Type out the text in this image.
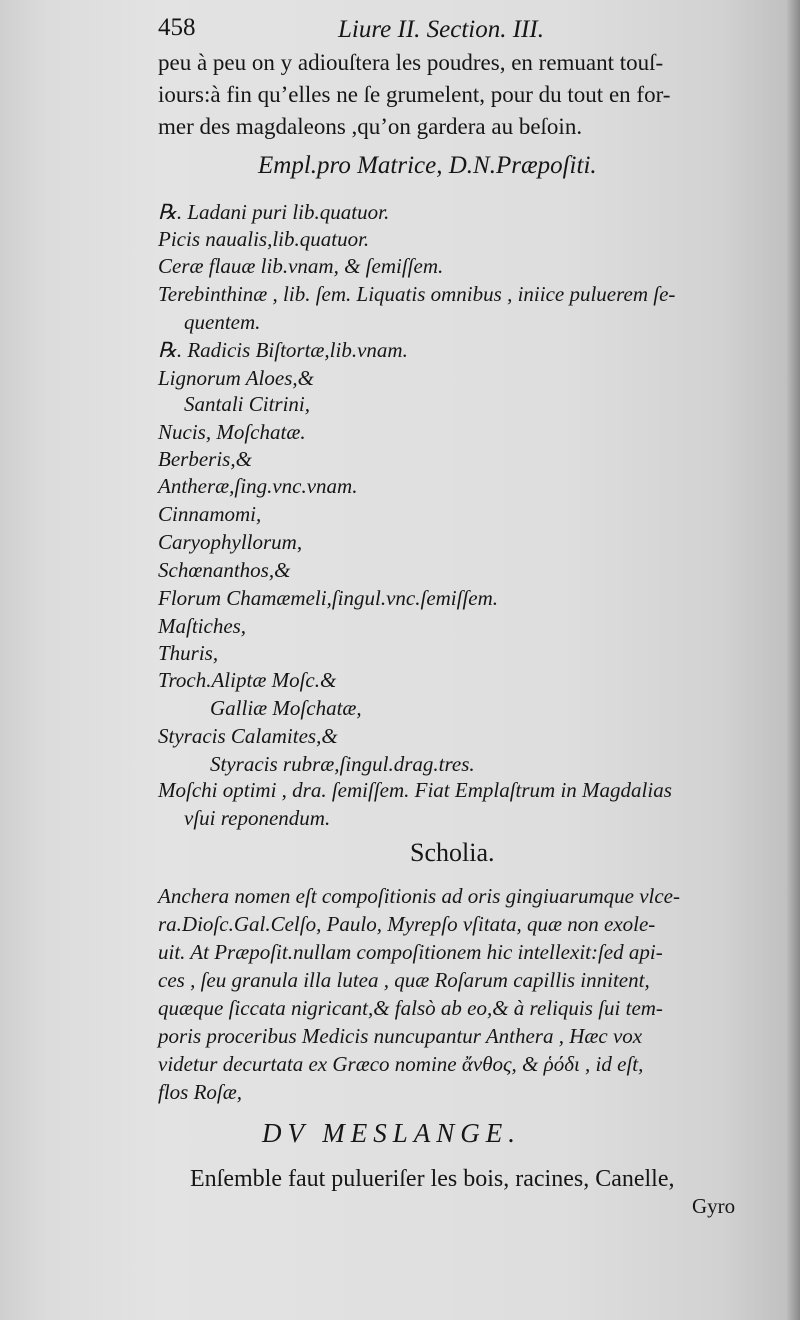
458	Liure II. Section. III.
peu à peu on y adiouſtera les poudres, en remuant touſ-
iours:à fin qu’elles ne ſe grumelent, pour du tout en for-
mer des magdaleons ,qu’on gardera au beſoin.
Empl.pro Matrice, D.N.Præpoſiti.
℞. Ladani puri lib.quatuor.
Picis naualis,lib.quatuor.
Ceræ flauæ lib.vnam, & ſemiſſem.
Terebinthinæ , lib. ſem. Liquatis omnibus , iniice puluerem ſe-
quentem.
℞. Radicis Biſtortæ,lib.vnam.
Lignorum Aloes,&
Santali Citrini,
Nucis, Moſchatæ.
Berberis,&
Antheræ,ſing.vnc.vnam.
Cinnamomi,
Caryophyllorum,
Schœnanthos,&
Florum Chamæmeli,ſingul.vnc.ſemiſſem.
Maſtiches,
Thuris,
Troch.Aliptæ Moſc.&
Galliæ Moſchatæ,
Styracis Calamites,&
Styracis rubræ,ſingul.drag.tres.
Moſchi optimi , dra. ſemiſſem. Fiat Emplaſtrum in Magdalias
vſui reponendum.
Scholia.
Anchera nomen eſt compoſitionis ad oris gingiuarumque vlce-
ra.Dioſc.Gal.Celſo, Paulo, Myrepſo vſitata, quæ non exole-
uit. At Præpoſit.nullam compoſitionem hic intellexit:ſed api-
ces , ſeu granula illa lutea , quæ Roſarum capillis innitent,
quæque ſiccata nigricant,& falsò ab eo,& à reliquis ſui tem-
poris proceribus Medicis nuncupantur Anthera , Hæc vox
videtur decurtata ex Græco nomine ἄνθος, & ῥόδι , id eſt,
flos Roſæ,
DV MESLANGE.
Enſemble faut pulueriſer les bois, racines, Canelle,
Gyro
